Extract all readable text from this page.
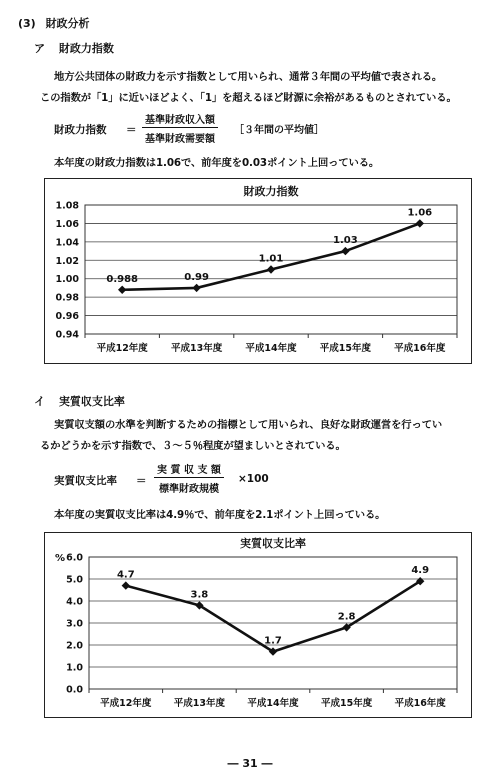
(3) 財政分析
ア 財政力指数
地方公共団体の財政力を示す指数として用いられ、通常３年間の平均値で表される。
この指数が「1」に近いほどよく、「1」を超えるほど財源に余裕があるものとされている。
財政力指数 ＝
基準財政収入額
基準財政需要額
［３年間の平均値］
本年度の財政力指数は1.06で、前年度を0.03ポイント上回っている。
財政力指数
1.08
1.06
1.04
1.02
1.00
0.98
0.96
0.94
平成12年度 平成13年度 平成14年度 平成15年度 平成16年度
0.988	0.99
1.01
1.03
1.06
イ 実質収支比率
実質収支額の水準を判断するための指標として用いられ、良好な財政運営を行ってい
るかどうかを示す指数で、３～５％程度が望ましいとされている。
実質収支比率 ＝
実 質 収 支 額
標準財政規模
×100
本年度の実質収支比率は4.9％で、前年度を2.1ポイント上回っている。
実質収支比率
% 6.0
5.0
4.0
3.0
2.0
1.0
0.0
平成12年度 平成13年度 平成14年度 平成15年度 平成16年度
4.7
3.8
1.7
2.8
4.9
― 31 ―
